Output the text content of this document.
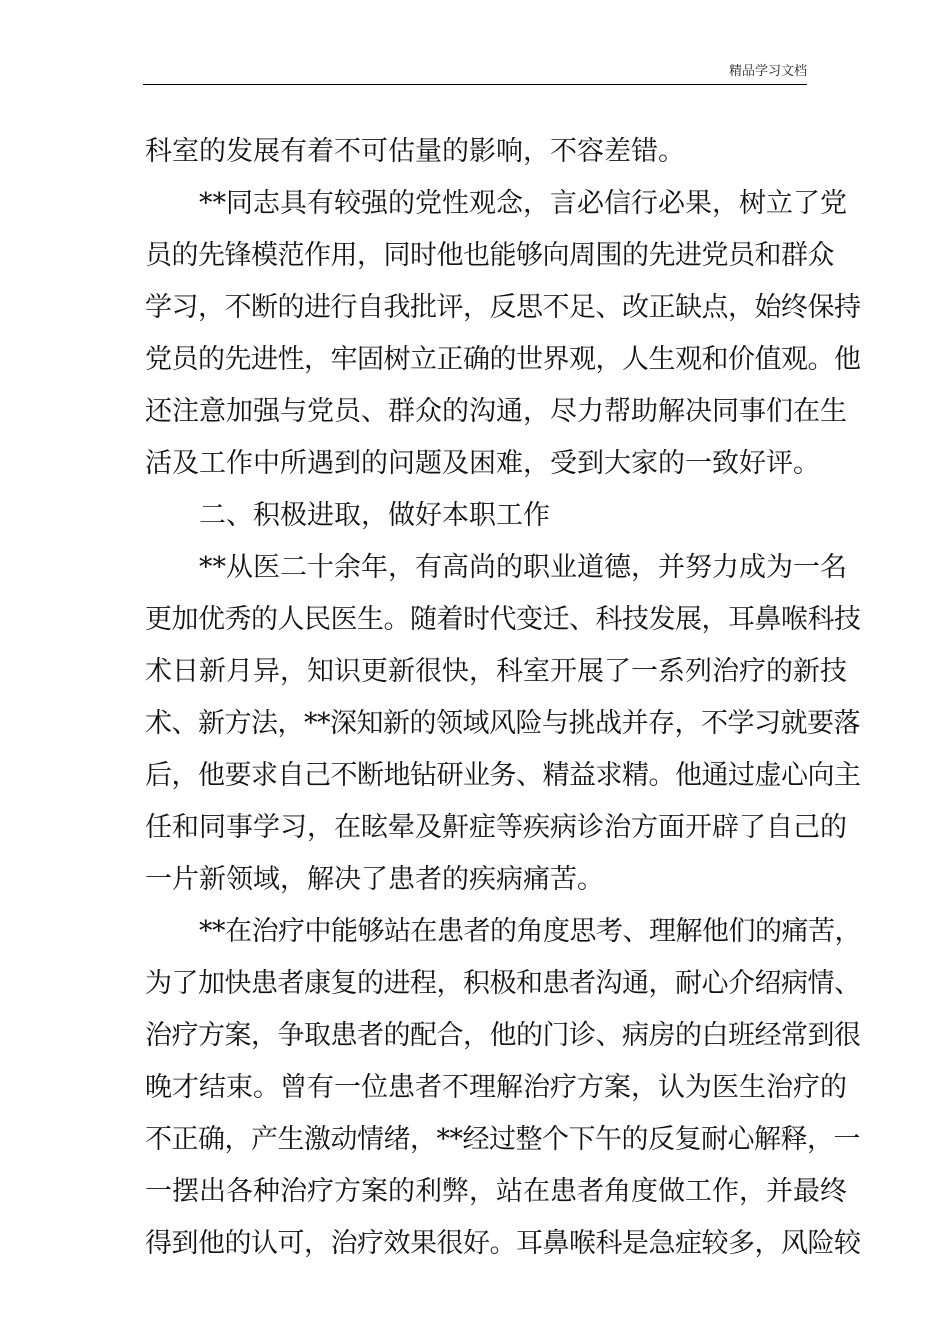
精品学习文档
科室的发展有着不可估量的影响，不容差错。
**同志具有较强的党性观念，言必信行必果，树立了党
员的先锋模范作用，同时他也能够向周围的先进党员和群众
学习，不断的进行自我批评，反思不足、改正缺点，始终保持
党员的先进性，牢固树立正确的世界观，人生观和价值观。他
还注意加强与党员、群众的沟通，尽力帮助解决同事们在生
活及工作中所遇到的问题及困难，受到大家的一致好评。
二、积极进取，做好本职工作
**从医二十余年，有高尚的职业道德，并努力成为一名
更加优秀的人民医生。随着时代变迁、科技发展，耳鼻喉科技
术日新月异，知识更新很快，科室开展了一系列治疗的新技
术、新方法，**深知新的领域风险与挑战并存，不学习就要落
后，他要求自己不断地钻研业务、精益求精。他通过虚心向主
任和同事学习，在眩晕及鼾症等疾病诊治方面开辟了自己的
一片新领域，解决了患者的疾病痛苦。
**在治疗中能够站在患者的角度思考、理解他们的痛苦，
为了加快患者康复的进程，积极和患者沟通，耐心介绍病情、
治疗方案，争取患者的配合，他的门诊、病房的白班经常到很
晚才结束。曾有一位患者不理解治疗方案，认为医生治疗的
不正确，产生激动情绪，**经过整个下午的反复耐心解释，一
一摆出各种治疗方案的利弊，站在患者角度做工作，并最终
得到他的认可，治疗效果很好。耳鼻喉科是急症较多，风险较
